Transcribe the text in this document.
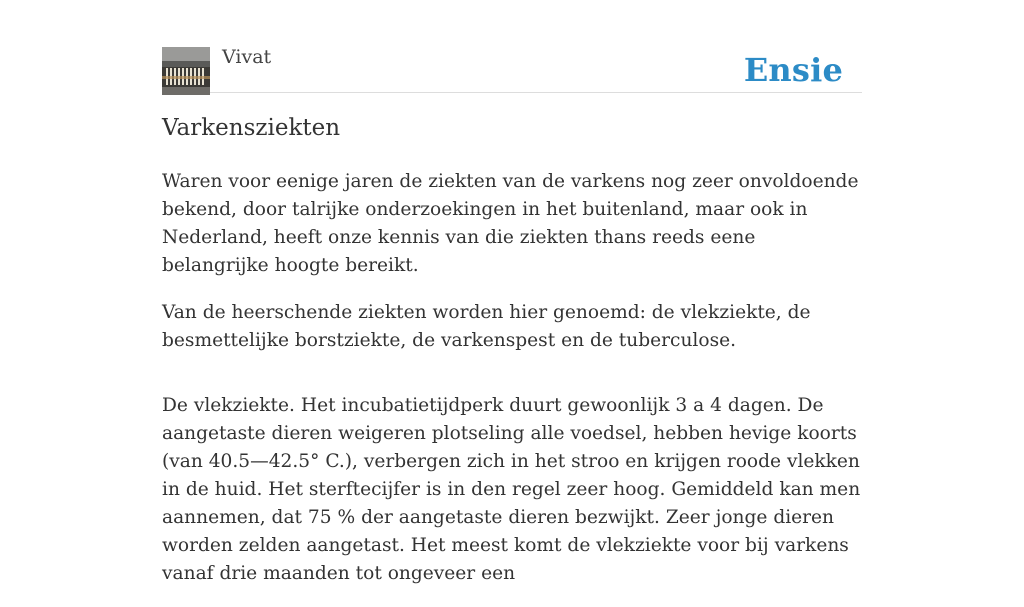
Vivat	Ensie
Varkensziekten

Waren voor eenige jaren de ziekten van de varkens nog zeer onvoldoende bekend, door talrijke onderzoekingen in het buitenland, maar ook in Nederland, heeft onze kennis van die ziekten thans reeds eene belangrijke hoogte bereikt.

Van de heerschende ziekten worden hier genoemd: de vlekziekte, de besmettelijke borstziekte, de varkenspest en de tuberculose.

De vlekziekte. Het incubatietijdperk duurt gewoonlijk 3 a 4 dagen. De aangetaste dieren weigeren plotseling alle voedsel, hebben hevige koorts (van 40.5—42.5° C.), verbergen zich in het stroo en krijgen roode vlekken in de huid. Het sterftecijfer is in den regel zeer hoog. Gemiddeld kan men aannemen, dat 75 % der aangetaste dieren bezwijkt. Zeer jonge dieren worden zelden aangetast. Het meest komt de vlekziekte voor bij varkens vanaf drie maanden tot ongeveer een
